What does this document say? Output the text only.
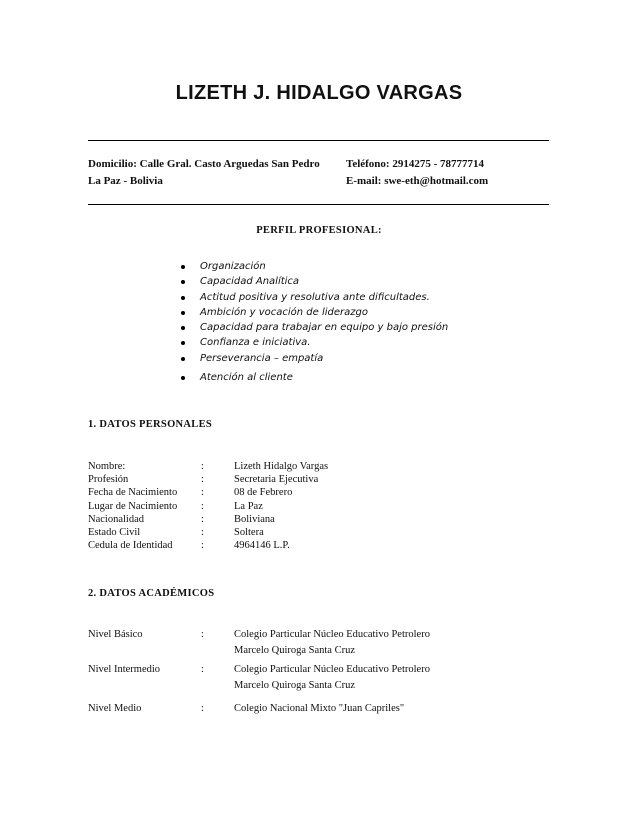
LIZETH J. HIDALGO VARGAS
Domicilio: Calle Gral. Casto Arguedas San Pedro
La Paz - Bolivia
Teléfono: 2914275 - 78777714
E-mail: swe-eth@hotmail.com
PERFIL PROFESIONAL:
Organización
Capacidad Analítica
Actitud positiva y resolutiva ante dificultades.
Ambición y vocación de liderazgo
Capacidad para trabajar en equipo y bajo presión
Confianza e iniciativa.
Perseverancia – empatía
Atención al cliente
1. DATOS PERSONALES
Nombre:	:	Lizeth Hidalgo Vargas
Profesión	:	Secretaria Ejecutiva
Fecha de Nacimiento :	08 de Febrero
Lugar de Nacimiento :	La Paz
Nacionalidad	:	Boliviana
Estado Civil	:	Soltera
Cedula de Identidad	:	4964146 L.P.
2. DATOS ACADÉMICOS
Nivel Básico	:	Colegio Particular Núcleo Educativo Petrolero
Marcelo Quiroga Santa Cruz
Nivel Intermedio	:	Colegio Particular Núcleo Educativo Petrolero
Marcelo Quiroga Santa Cruz
Nivel Medio	:	Colegio Nacional Mixto "Juan Capriles"
